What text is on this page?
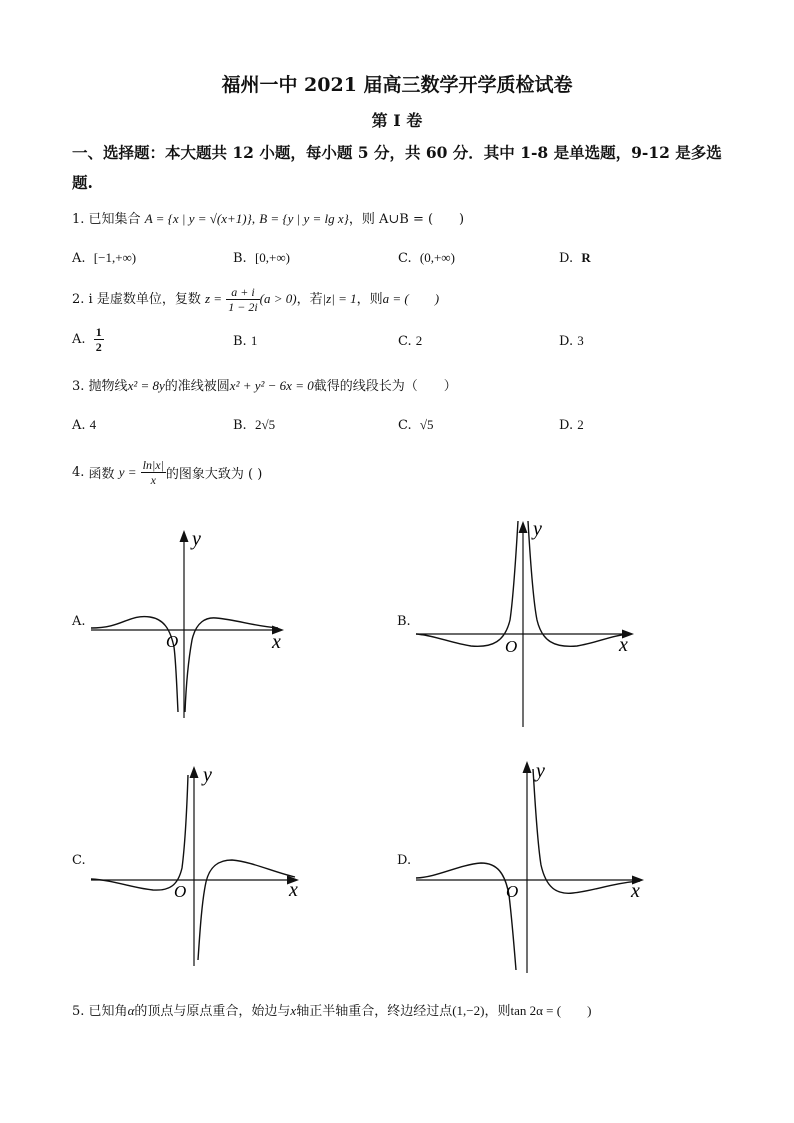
福州一中 2021 届高三数学开学质检试卷
第 I 卷
一、选择题：本大题共 12 小题，每小题 5 分，共 60 分．其中 1-8 是单选题，9-12 是多选
题.
1. 已知集合 A = {x | y = √(x+1)}, B = {y | y = lg x}，则 A∪B = (　　)
A. [−1,+∞)	B. [0,+∞)	C. (0,+∞)	D. R
2. i 是虚数单位，复数 $z = \frac{a + i}{1 - 2i} (a > 0)$，若|z| = 1，则a = (　　)
A. $\frac{1}{2}$	B. 1	C. 2	D. 3
3. 抛物线x² = 8y的准线被圆x² + y² − 6x = 0截得的线段长为（　　）
A. 4	B. 2√5	C. √5	D. 2
4. 函数 $y = \frac{\ln|x|}{x}$ 的图象大致为 ( )
A.	B.
C.	D.
O	x
y
O	x
y
O	x
y
O	x
y
5. 已知角α的顶点与原点重合，始边与x轴正半轴重合，终边经过点(1,−2)，则tan 2α = (　　)
